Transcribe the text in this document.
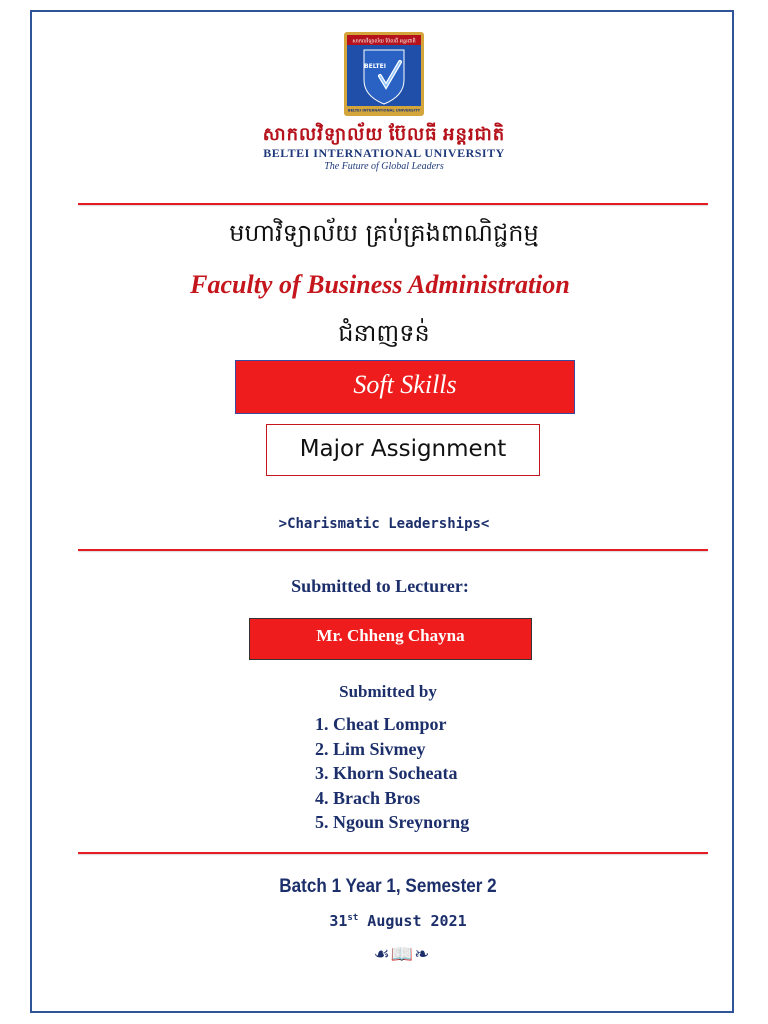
សាកលវិទ្យាល័យ ប៊ែលធី អន្តរជាតិ
BELTEI
BELTEI INTERNATIONAL UNIVERSITY
សាកលវិទ្យាល័យ ប៊ែលធី អន្តរជាតិ
BELTEI INTERNATIONAL UNIVERSITY
The Future of Global Leaders
មហាវិទ្យាល័យ គ្រប់គ្រងពាណិជ្ជកម្ម
Faculty of Business Administration
ជំនាញទន់
Soft Skills
Major Assignment
>Charismatic Leaderships<
Submitted to Lecturer:
Mr. Chheng Chayna
Submitted by
1. Cheat Lompor
2. Lim Sivmey
3. Khorn Socheata
4. Brach Bros
5. Ngoun Sreynorng
Batch 1 Year 1, Semester 2
31st August 2021
☙📖❧
